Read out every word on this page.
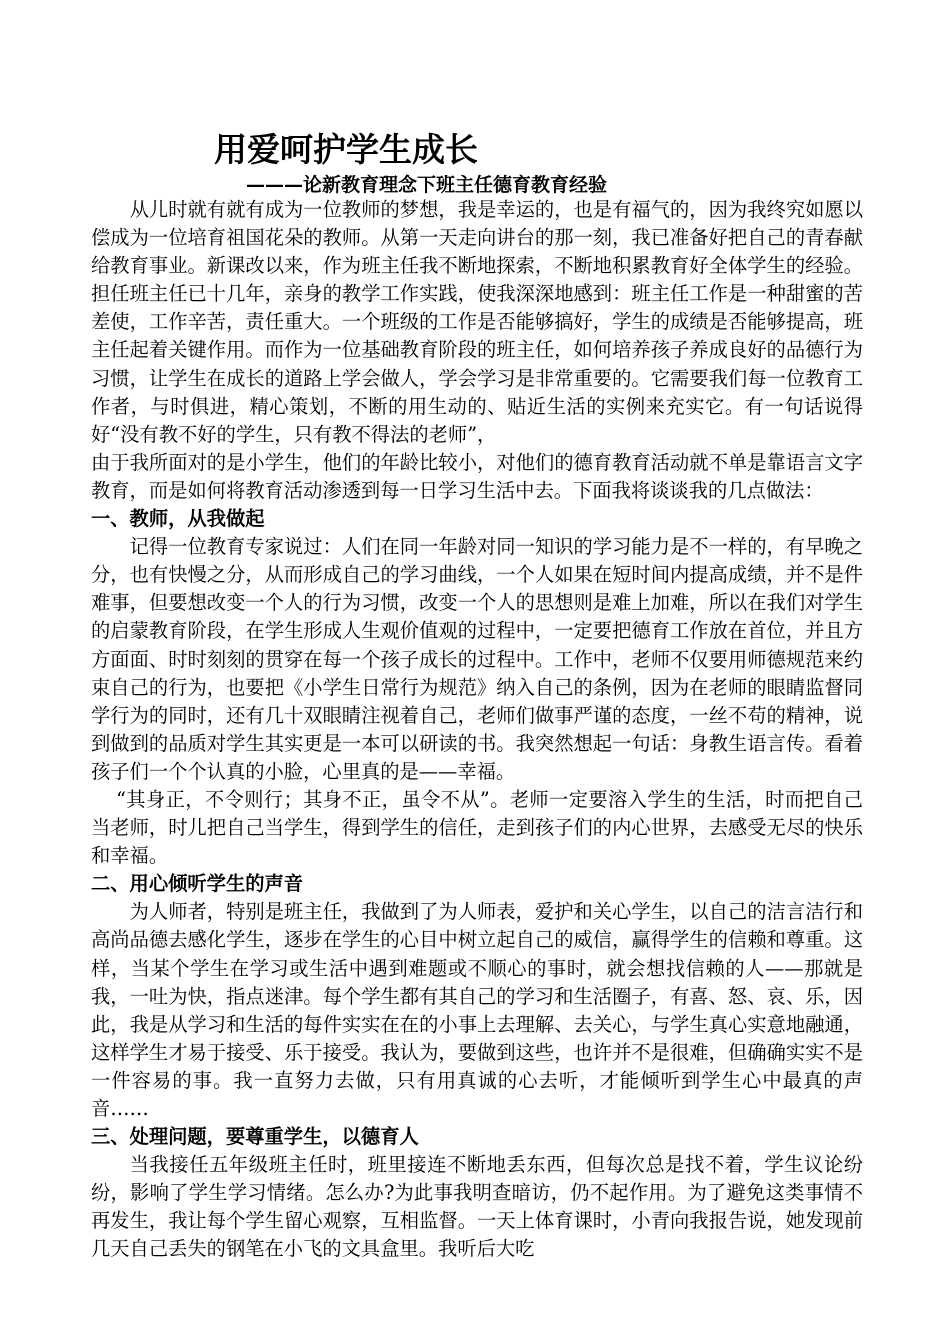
用爱呵护学生成长
———论新教育理念下班主任德育教育经验

从儿时就有就有成为一位教师的梦想，我是幸运的，也是有福气的，因为我终究如愿以偿成为一位培育祖国花朵的教师。从第一天走向讲台的那一刻，我已准备好把自己的青春献给教育事业。新课改以来，作为班主任我不断地探索，不断地积累教育好全体学生的经验。担任班主任已十几年，亲身的教学工作实践，使我深深地感到：班主任工作是一种甜蜜的苦差使，工作辛苦，责任重大。一个班级的工作是否能够搞好，学生的成绩是否能够提高，班主任起着关键作用。而作为一位基础教育阶段的班主任，如何培养孩子养成良好的品德行为习惯，让学生在成长的道路上学会做人，学会学习是非常重要的。它需要我们每一位教育工作者，与时俱进，精心策划，不断的用生动的、贴近生活的实例来充实它。有一句话说得好“没有教不好的学生，只有教不得法的老师”，

由于我所面对的是小学生，他们的年龄比较小，对他们的德育教育活动就不单是靠语言文字教育，而是如何将教育活动渗透到每一日学习生活中去。下面我将谈谈我的几点做法：

一、教师，从我做起

记得一位教育专家说过：人们在同一年龄对同一知识的学习能力是不一样的，有早晚之分，也有快慢之分，从而形成自己的学习曲线，一个人如果在短时间内提高成绩，并不是件难事，但要想改变一个人的行为习惯，改变一个人的思想则是难上加难，所以在我们对学生的启蒙教育阶段，在学生形成人生观价值观的过程中，一定要把德育工作放在首位，并且方方面面、时时刻刻的贯穿在每一个孩子成长的过程中。工作中，老师不仅要用师德规范来约束自己的行为，也要把《小学生日常行为规范》纳入自己的条例，因为在老师的眼睛监督同学行为的同时，还有几十双眼睛注视着自己，老师们做事严谨的态度，一丝不苟的精神，说到做到的品质对学生其实更是一本可以研读的书。我突然想起一句话：身教生语言传。看着孩子们一个个认真的小脸，心里真的是——幸福。

“其身正，不令则行；其身不正，虽令不从”。老师一定要溶入学生的生活，时而把自己当老师，时儿把自己当学生，得到学生的信任，走到孩子们的内心世界，去感受无尽的快乐和幸福。

二、用心倾听学生的声音

为人师者，特别是班主任，我做到了为人师表，爱护和关心学生，以自己的洁言洁行和高尚品德去感化学生，逐步在学生的心目中树立起自己的威信，赢得学生的信赖和尊重。这样，当某个学生在学习或生活中遇到难题或不顺心的事时，就会想找信赖的人——那就是我，一吐为快，指点迷津。每个学生都有其自己的学习和生活圈子，有喜、怒、哀、乐，因此，我是从学习和生活的每件实实在在的小事上去理解、去关心，与学生真心实意地融通，这样学生才易于接受、乐于接受。我认为，要做到这些，也许并不是很难，但确确实实不是一件容易的事。我一直努力去做，只有用真诚的心去听，才能倾听到学生心中最真的声音……

三、处理问题，要尊重学生，以德育人

当我接任五年级班主任时，班里接连不断地丢东西，但每次总是找不着，学生议论纷纷，影响了学生学习情绪。怎么办?为此事我明查暗访，仍不起作用。为了避免这类事情不再发生，我让每个学生留心观察，互相监督。一天上体育课时，小青向我报告说，她发现前几天自己丢失的钢笔在小飞的文具盒里。我听后大吃
